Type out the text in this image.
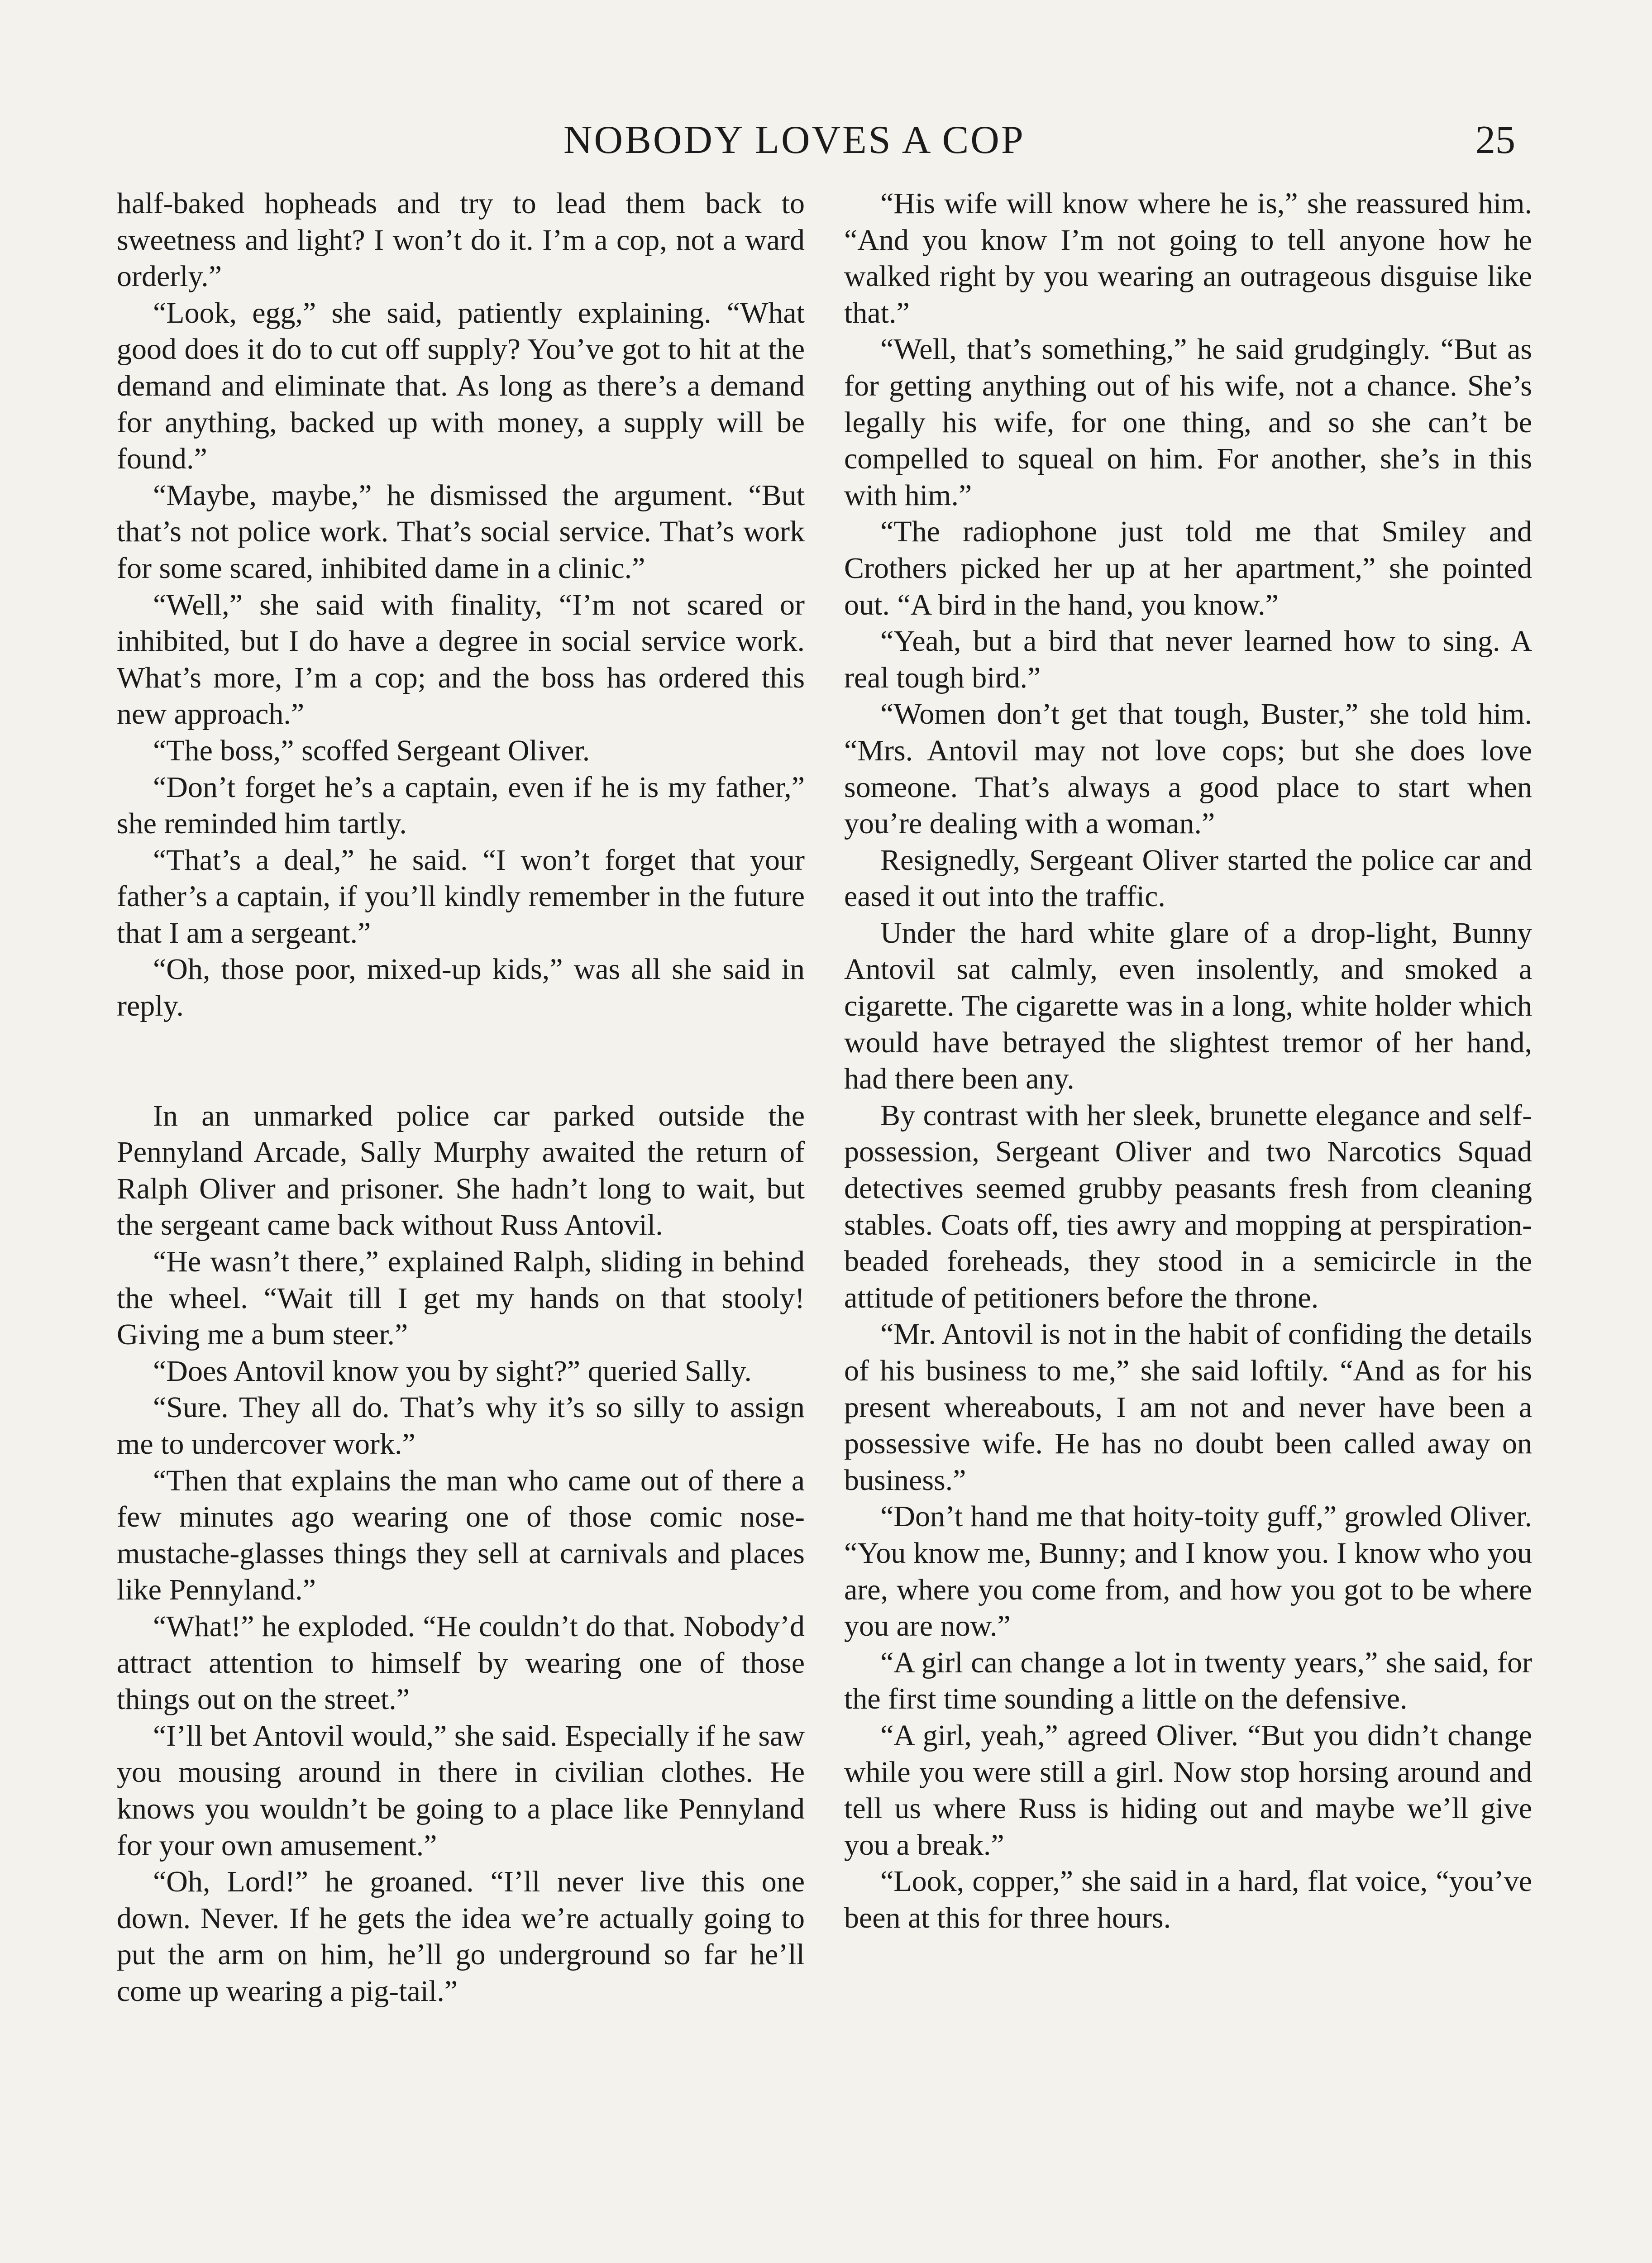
NOBODY LOVES A COP	25

half-baked hopheads and try to lead them back to sweetness and light? I won’t do it. I’m a cop, not a ward orderly.”

“Look, egg,” she said, patiently explaining. “What good does it do to cut off supply? You’ve got to hit at the demand and eliminate that. As long as there’s a demand for anything, backed up with money, a supply will be found.”

“Maybe, maybe,” he dismissed the argument. “But that’s not police work. That’s social service. That’s work for some scared, inhibited dame in a clinic.”

“Well,” she said with finality, “I’m not scared or inhibited, but I do have a degree in social service work. What’s more, I’m a cop; and the boss has ordered this new approach.”

“The boss,” scoffed Sergeant Oliver.

“Don’t forget he’s a captain, even if he is my father,” she reminded him tartly.

“That’s a deal,” he said. “I won’t forget that your father’s a captain, if you’ll kindly remember in the future that I am a sergeant.”

“Oh, those poor, mixed-up kids,” was all she said in reply.

In an unmarked police car parked outside the Pennyland Arcade, Sally Murphy awaited the return of Ralph Oliver and prisoner. She hadn’t long to wait, but the sergeant came back without Russ Antovil.

“He wasn’t there,” explained Ralph, sliding in behind the wheel. “Wait till I get my hands on that stooly! Giving me a bum steer.”

“Does Antovil know you by sight?” queried Sally.

“Sure. They all do. That’s why it’s so silly to assign me to undercover work.”

“Then that explains the man who came out of there a few minutes ago wearing one of those comic nose-mustache-glasses things they sell at carnivals and places like Pennyland.”

“What!” he exploded. “He couldn’t do that. Nobody’d attract attention to himself by wearing one of those things out on the street.”

“I’ll bet Antovil would,” she said. Especially if he saw you mousing around in there in civilian clothes. He knows you wouldn’t be going to a place like Pennyland for your own amusement.”

“Oh, Lord!” he groaned. “I’ll never live this one down. Never. If he gets the idea we’re actually going to put the arm on him, he’ll go underground so far he’ll come up wearing a pig-tail.”

“His wife will know where he is,” she reassured him. “And you know I’m not going to tell anyone how he walked right by you wearing an outrageous disguise like that.”

“Well, that’s something,” he said grudgingly. “But as for getting anything out of his wife, not a chance. She’s legally his wife, for one thing, and so she can’t be compelled to squeal on him. For another, she’s in this with him.”

“The radiophone just told me that Smiley and Crothers picked her up at her apartment,” she pointed out. “A bird in the hand, you know.”

“Yeah, but a bird that never learned how to sing. A real tough bird.”

“Women don’t get that tough, Buster,” she told him. “Mrs. Antovil may not love cops; but she does love someone. That’s always a good place to start when you’re dealing with a woman.”

Resignedly, Sergeant Oliver started the police car and eased it out into the traffic.

Under the hard white glare of a drop-light, Bunny Antovil sat calmly, even insolently, and smoked a cigarette. The cigarette was in a long, white holder which would have betrayed the slightest tremor of her hand, had there been any.

By contrast with her sleek, brunette elegance and self-possession, Sergeant Oliver and two Narcotics Squad detectives seemed grubby peasants fresh from cleaning stables. Coats off, ties awry and mopping at perspiration-beaded foreheads, they stood in a semicircle in the attitude of petitioners before the throne.

“Mr. Antovil is not in the habit of confiding the details of his business to me,” she said loftily. “And as for his present whereabouts, I am not and never have been a possessive wife. He has no doubt been called away on business.”

“Don’t hand me that hoity-toity guff,” growled Oliver. “You know me, Bunny; and I know you. I know who you are, where you come from, and how you got to be where you are now.”

“A girl can change a lot in twenty years,” she said, for the first time sounding a little on the defensive.

“A girl, yeah,” agreed Oliver. “But you didn’t change while you were still a girl. Now stop horsing around and tell us where Russ is hiding out and maybe we’ll give you a break.”

“Look, copper,” she said in a hard, flat voice, “you’ve been at this for three hours.
